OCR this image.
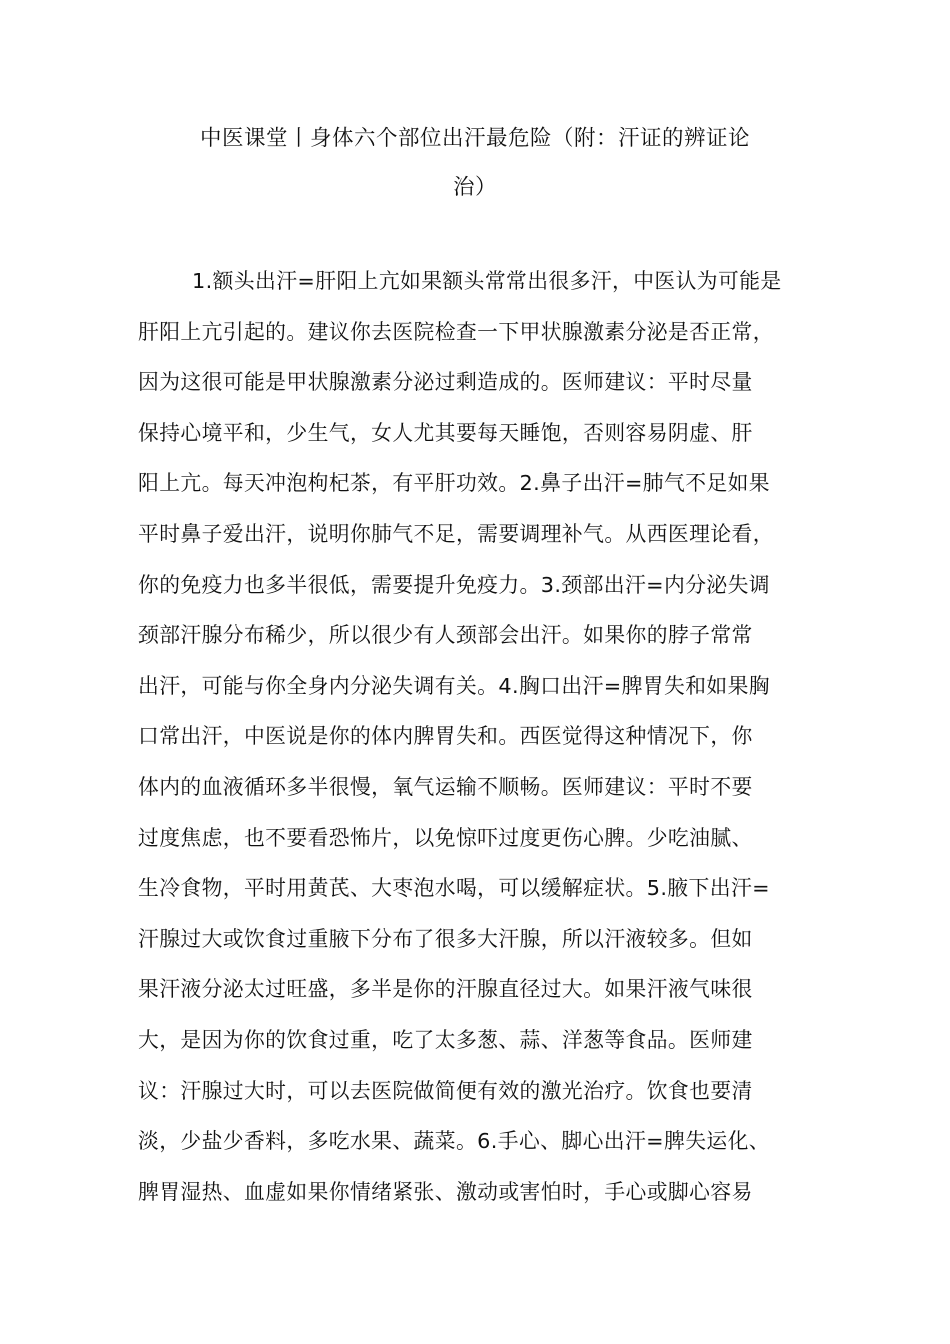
中医课堂丨身体六个部位出汗最危险（附：汗证的辨证论
治）
1.额头出汗=肝阳上亢如果额头常常出很多汗，中医认为可能是
肝阳上亢引起的。建议你去医院检查一下甲状腺激素分泌是否正常，
因为这很可能是甲状腺激素分泌过剩造成的。医师建议：平时尽量
保持心境平和，少生气，女人尤其要每天睡饱，否则容易阴虚、肝
阳上亢。每天冲泡枸杞茶，有平肝功效。2.鼻子出汗=肺气不足如果
平时鼻子爱出汗，说明你肺气不足，需要调理补气。从西医理论看，
你的免疫力也多半很低，需要提升免疫力。3.颈部出汗=内分泌失调
颈部汗腺分布稀少，所以很少有人颈部会出汗。如果你的脖子常常
出汗，可能与你全身内分泌失调有关。4.胸口出汗=脾胃失和如果胸
口常出汗，中医说是你的体内脾胃失和。西医觉得这种情况下，你
体内的血液循环多半很慢，氧气运输不顺畅。医师建议：平时不要
过度焦虑，也不要看恐怖片，以免惊吓过度更伤心脾。少吃油腻、
生冷食物，平时用黄芪、大枣泡水喝，可以缓解症状。5.腋下出汗=
汗腺过大或饮食过重腋下分布了很多大汗腺，所以汗液较多。但如
果汗液分泌太过旺盛，多半是你的汗腺直径过大。如果汗液气味很
大，是因为你的饮食过重，吃了太多葱、蒜、洋葱等食品。医师建
议：汗腺过大时，可以去医院做简便有效的激光治疗。饮食也要清
淡，少盐少香料，多吃水果、蔬菜。6.手心、脚心出汗=脾失运化、
脾胃湿热、血虚如果你情绪紧张、激动或害怕时，手心或脚心容易
